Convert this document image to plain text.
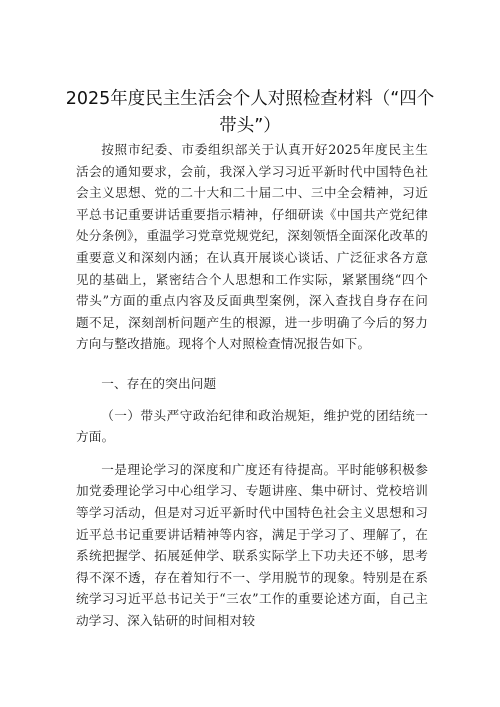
2025年度民主生活会个人对照检查材料（“四个带头”）

按照市纪委、市委组织部关于认真开好2025年度民主生活会的通知要求，会前，我深入学习习近平新时代中国特色社会主义思想、党的二十大和二十届二中、三中全会精神，习近平总书记重要讲话重要指示精神，仔细研读《中国共产党纪律处分条例》，重温学习党章党规党纪，深刻领悟全面深化改革的重要意义和深刻内涵；在认真开展谈心谈话、广泛征求各方意见的基础上，紧密结合个人思想和工作实际，紧紧围绕“四个带头”方面的重点内容及反面典型案例，深入查找自身存在问题不足，深刻剖析问题产生的根源，进一步明确了今后的努力方向与整改措施。现将个人对照检查情况报告如下。

一、存在的突出问题

（一）带头严守政治纪律和政治规矩，维护党的团结统一方面。

一是理论学习的深度和广度还有待提高。平时能够积极参加党委理论学习中心组学习、专题讲座、集中研讨、党校培训等学习活动，但是对习近平新时代中国特色社会主义思想和习近平总书记重要讲话精神等内容，满足于学习了、理解了，在系统把握学、拓展延伸学、联系实际学上下功夫还不够，思考得不深不透，存在着知行不一、学用脱节的现象。特别是在系统学习习近平总书记关于“三农”工作的重要论述方面，自己主动学习、深入钻研的时间相对较
